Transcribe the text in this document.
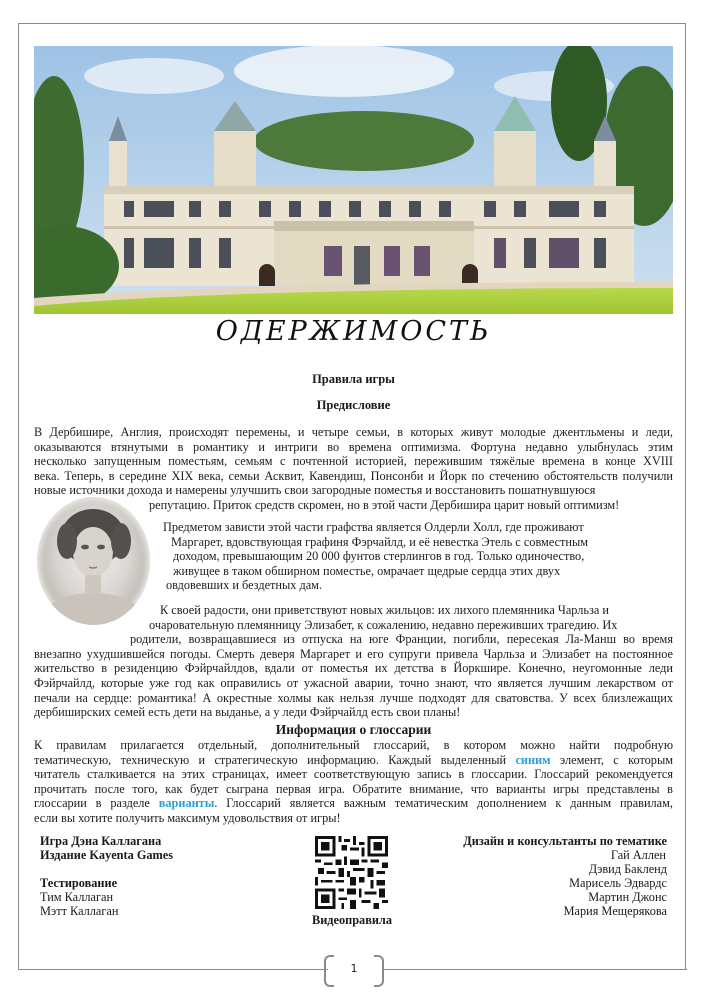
ОДЕРЖИМОСТЬ
Правила игры
Предисловие
В Дербишире, Англия, происходят перемены, и четыре семьи, в которых живут молодые джентльмены и леди,
оказываются втянутыми в романтику и интриги во времена оптимизма. Фортуна недавно улыбнулась этим
несколько запущенным поместьям, семьям с почтенной историей, пережившим тяжёлые времена в конце XVIII
века. Теперь, в середине XIX века, семьи Асквит, Кавендиш, Понсонби и Йорк по стечению обстоятельств получили
новые источники дохода и намерены улучшить свои загородные поместья и восстановить пошатнувшуюся
репутацию. Приток средств скромен, но в этой части Дербишира царит новый оптимизм!
Предметом зависти этой части графства является Олдерли Холл, где проживают
Маргарет, вдовствующая графиня Фэрчайлд, и её невестка Этель с совместным
доходом, превышающим 20 000 фунтов стерлингов в год. Только одиночество,
живущее в таком обширном поместье, омрачает щедрые сердца этих двух
овдовевших и бездетных дам.
К своей радости, они приветствуют новых жильцов: их лихого племянника Чарльза и
очаровательную племянницу Элизабет, к сожалению, недавно переживших трагедию. Их
родители, возвращавшиеся из отпуска на юге Франции, погибли, пересекая Ла-Манш во время
внезапно ухудшившейся погоды. Смерть деверя Маргарет и его супруги привела Чарльза и Элизабет на постоянное
жительство в резиденцию Фэйрчайлдов, вдали от поместья их детства в Йоркшире. Конечно, неугомонные леди
Фэйрчайлд, которые уже год как оправились от ужасной аварии, точно знают, что является лучшим лекарством от
печали на сердце: романтика! А окрестные холмы как нельзя лучше подходят для сватовства. У всех близлежащих
дербиширских семей есть дети на выданье, а у леди Фэйрчайлд есть свои планы!
Информация о глоссарии
К правилам прилагается отдельный, дополнительный глоссарий, в котором можно найти подробную
тематическую, техническую и стратегическую информацию. Каждый выделенный синим элемент, с которым
читатель сталкивается на этих страницах, имеет соответствующую запись в глоссарии. Глоссарий рекомендуется
прочитать после того, как будет сыграна первая игра. Обратите внимание, что варианты игры представлены в
глоссарии в разделе варианты. Глоссарий является важным тематическим дополнением к данным правилам,
если вы хотите получить максимум удовольствия от игры!
Игра Дэна Каллагана
Издание Kayenta Games
Тестирование
Тим Каллаган
Мэтт Каллаган
Видеоправила
Дизайн и консультанты по тематике
Гай Аллен
Дэвид Бакленд
Марисель Эдвардс
Мартин Джонс
Мария Мещерякова
1
